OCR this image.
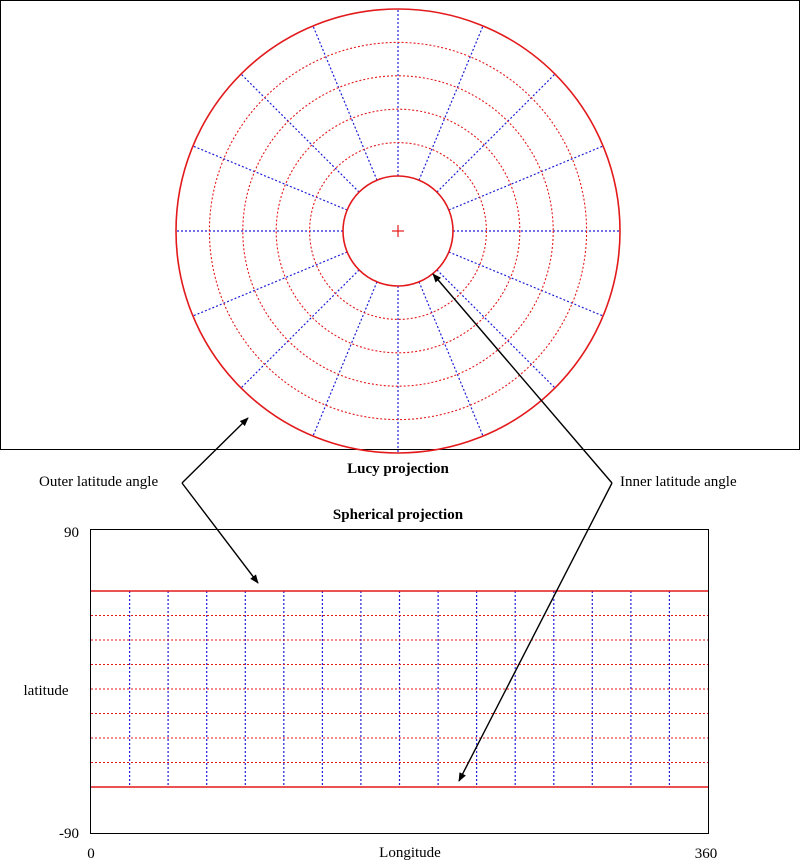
Lucy projection
Spherical projection
90
-90
latitude
0	360
Longitude
Outer latitude angle	Inner latitude angle
